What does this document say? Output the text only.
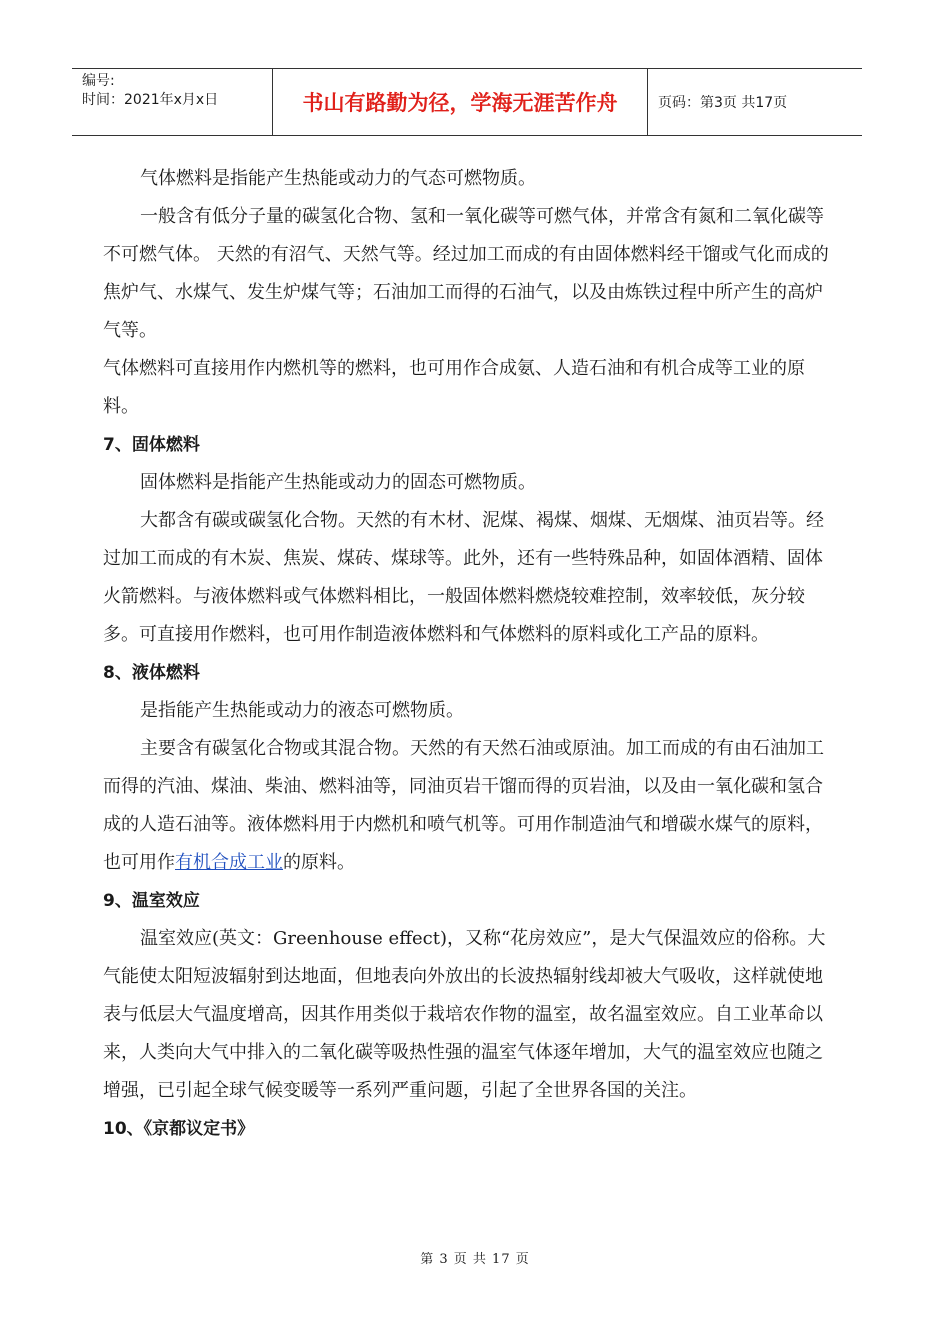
编号:
时间：2021年x月x日	书山有路勤为径，学海无涯苦作舟	页码：第3页 共17页

气体燃料是指能产生热能或动力的气态可燃物质。

一般含有低分子量的碳氢化合物、氢和一氧化碳等可燃气体，并常含有氮和二氧化碳等不可燃气体。 天然的有沼气、天然气等。经过加工而成的有由固体燃料经干馏或气化而成的焦炉气、水煤气、发生炉煤气等；石油加工而得的石油气，以及由炼铁过程中所产生的高炉气等。

气体燃料可直接用作内燃机等的燃料，也可用作合成氨、人造石油和有机合成等工业的原料。

7、固体燃料

固体燃料是指能产生热能或动力的固态可燃物质。

大都含有碳或碳氢化合物。天然的有木材、泥煤、褐煤、烟煤、无烟煤、油页岩等。经过加工而成的有木炭、焦炭、煤砖、煤球等。此外，还有一些特殊品种，如固体酒精、固体火箭燃料。与液体燃料或气体燃料相比，一般固体燃料燃烧较难控制，效率较低，灰分较多。可直接用作燃料，也可用作制造液体燃料和气体燃料的原料或化工产品的原料。

8、液体燃料

是指能产生热能或动力的液态可燃物质。

主要含有碳氢化合物或其混合物。天然的有天然石油或原油。加工而成的有由石油加工而得的汽油、煤油、柴油、燃料油等，同油页岩干馏而得的页岩油，以及由一氧化碳和氢合成的人造石油等。液体燃料用于内燃机和喷气机等。可用作制造油气和增碳水煤气的原料，也可用作有机合成工业的原料。

9、温室效应

温室效应(英文：Greenhouse effect)，又称“花房效应”，是大气保温效应的俗称。大气能使太阳短波辐射到达地面，但地表向外放出的长波热辐射线却被大气吸收，这样就使地表与低层大气温度增高，因其作用类似于栽培农作物的温室，故名温室效应。自工业革命以来，人类向大气中排入的二氧化碳等吸热性强的温室气体逐年增加，大气的温室效应也随之增强，已引起全球气候变暖等一系列严重问题，引起了全世界各国的关注。

10、《京都议定书》

第 3 页 共 17 页
